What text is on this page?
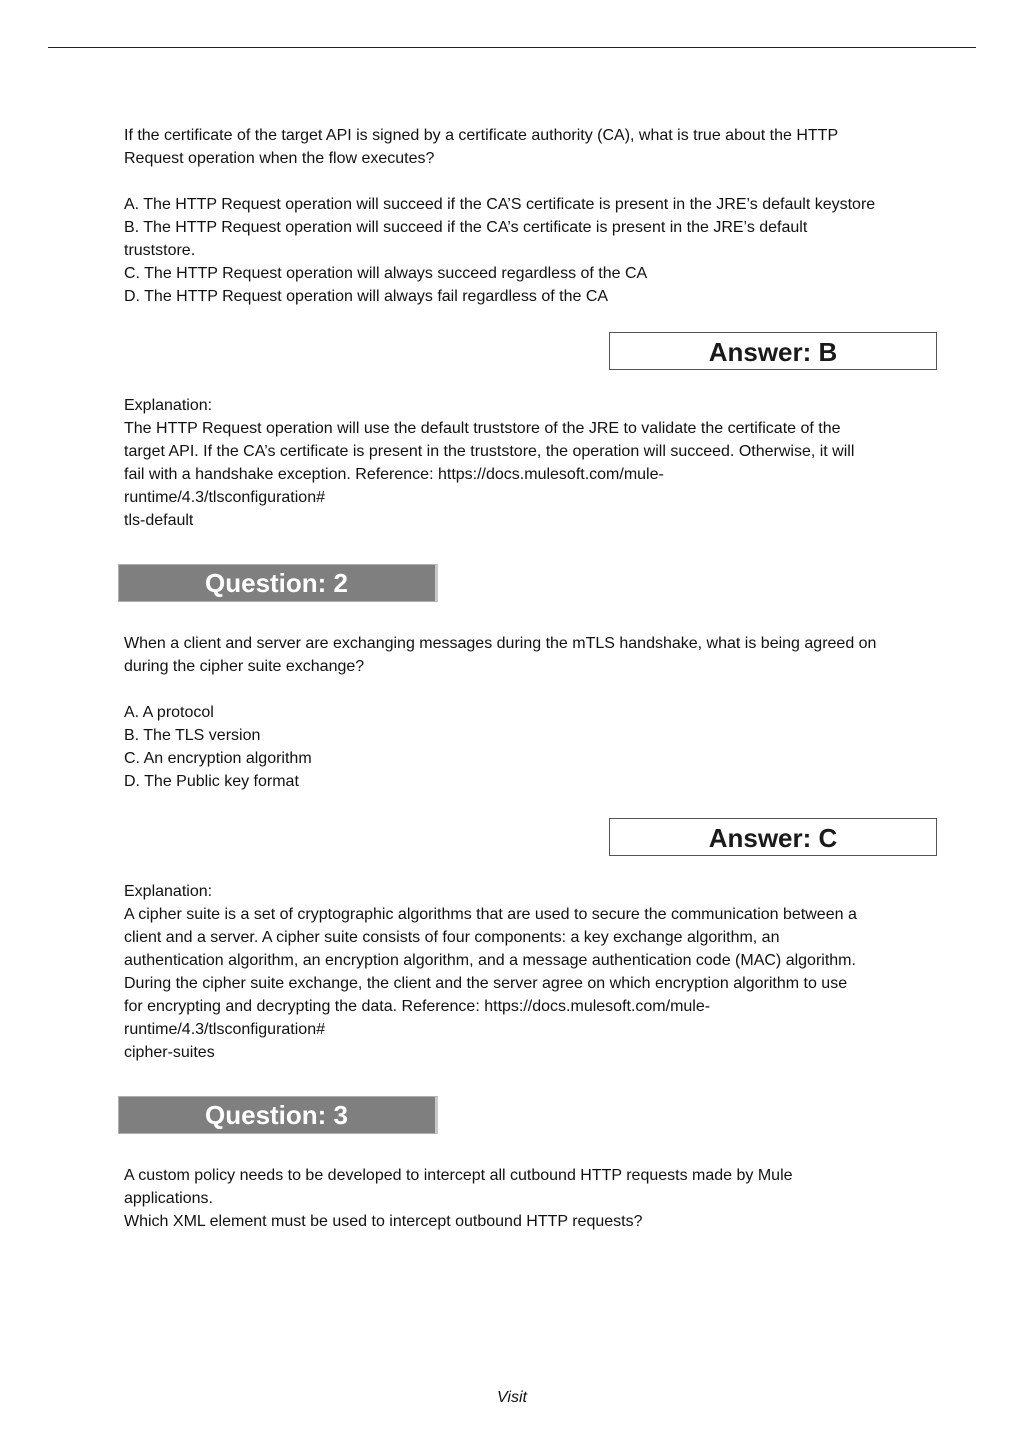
If the certificate of the target API is signed by a certificate authority (CA), what is true about the HTTP

Request operation when the flow executes?

A. The HTTP Request operation will succeed if the CA’S certificate is present in the JRE’s default keystore

B. The HTTP Request operation will succeed if the CA’s certificate is present in the JRE’s default

truststore.

C. The HTTP Request operation will always succeed regardless of the CA

D. The HTTP Request operation will always fail regardless of the CA

Answer: B

Explanation:

The HTTP Request operation will use the default truststore of the JRE to validate the certificate of the

target API. If the CA’s certificate is present in the truststore, the operation will succeed. Otherwise, it will

fail with a handshake exception. Reference: https://docs.mulesoft.com/mule-

runtime/4.3/tlsconfiguration#

tls-default

Question: 2

When a client and server are exchanging messages during the mTLS handshake, what is being agreed on

during the cipher suite exchange?

A. A protocol

B. The TLS version

C. An encryption algorithm

D. The Public key format

Answer: C

Explanation:

A cipher suite is a set of cryptographic algorithms that are used to secure the communication between a

client and a server. A cipher suite consists of four components: a key exchange algorithm, an

authentication algorithm, an encryption algorithm, and a message authentication code (MAC) algorithm.

During the cipher suite exchange, the client and the server agree on which encryption algorithm to use

for encrypting and decrypting the data. Reference: https://docs.mulesoft.com/mule-

runtime/4.3/tlsconfiguration#

cipher-suites

Question: 3

A custom policy needs to be developed to intercept all cutbound HTTP requests made by Mule

applications.

Which XML element must be used to intercept outbound HTTP requests?

Visit
